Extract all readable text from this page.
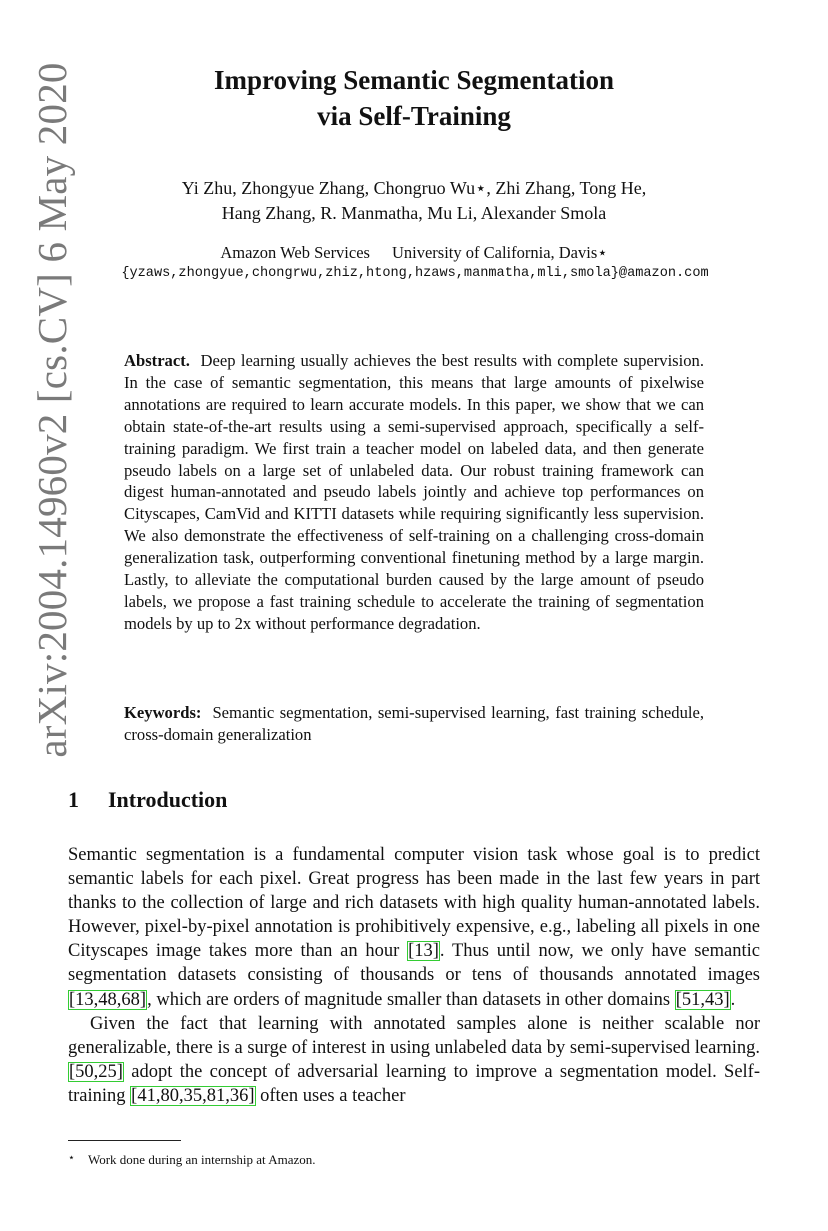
arXiv:2004.14960v2 [cs.CV] 6 May 2020	Improving Semantic Segmentation
via Self-Training
Yi Zhu, Zhongyue Zhang, Chongruo Wu⋆, Zhi Zhang, Tong He,
Hang Zhang, R. Manmatha, Mu Li, Alexander Smola
Amazon Web Services University of California, Davis⋆
{yzaws,zhongyue,chongrwu,zhiz,htong,hzaws,manmatha,mli,smola}@amazon.com
Abstract. Deep learning usually achieves the best results with complete supervision. In the case of semantic segmentation, this means that large amounts of pixelwise annotations are required to learn accurate models. In this paper, we show that we can obtain state-of-the-art results using a semi-supervised approach, specifically a self-training paradigm. We first train a teacher model on labeled data, and then generate pseudo labels on a large set of unlabeled data. Our robust training framework can digest human-annotated and pseudo labels jointly and achieve top performances on Cityscapes, CamVid and KITTI datasets while requiring significantly less supervision. We also demonstrate the effectiveness of self-training on a challenging cross-domain generalization task, outperforming conventional finetuning method by a large margin. Lastly, to alleviate the computational burden caused by the large amount of pseudo labels, we propose a fast training schedule to accelerate the training of segmentation models by up to 2x without performance degradation.
Keywords: Semantic segmentation, semi-supervised learning, fast training schedule, cross-domain generalization
1 Introduction

Semantic segmentation is a fundamental computer vision task whose goal is to predict semantic labels for each pixel. Great progress has been made in the last few years in part thanks to the collection of large and rich datasets with high quality human-annotated labels. However, pixel-by-pixel annotation is prohibitively expensive, e.g., labeling all pixels in one Cityscapes image takes more than an hour [13]. Thus until now, we only have semantic segmentation datasets consisting of thousands or tens of thousands annotated images [13,48,68], which are orders of magnitude smaller than datasets in other domains [51,43].

Given the fact that learning with annotated samples alone is neither scalable nor generalizable, there is a surge of interest in using unlabeled data by semi-supervised learning. [50,25] adopt the concept of adversarial learning to improve a segmentation model. Self-training [41,80,35,81,36] often uses a teacher

⋆ Work done during an internship at Amazon.
